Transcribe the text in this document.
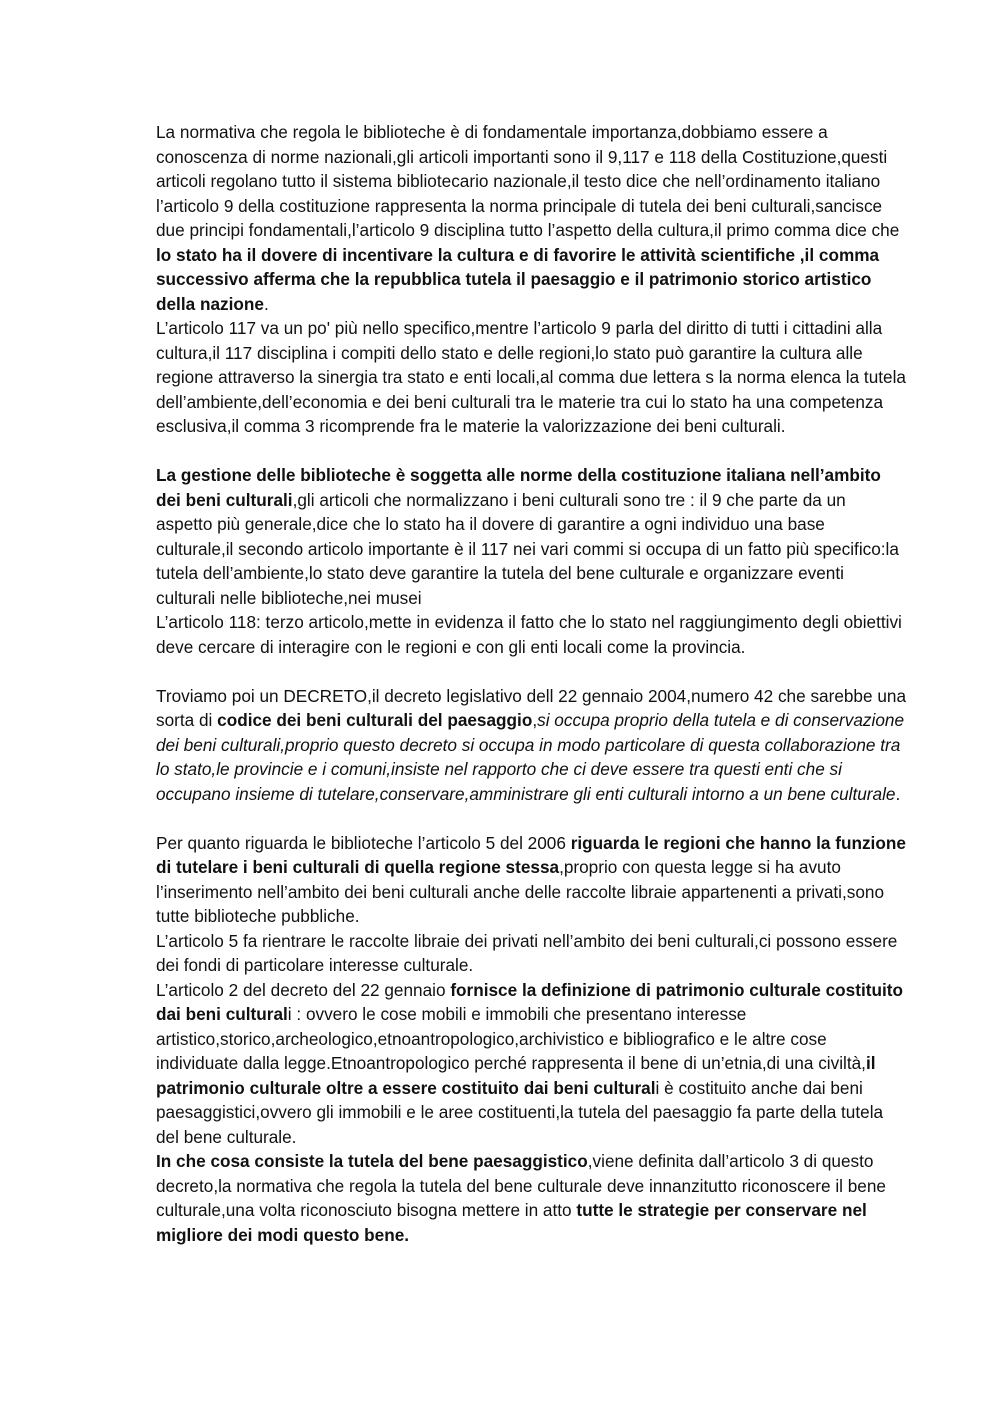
La normativa che regola le biblioteche è di fondamentale importanza,dobbiamo essere a conoscenza di norme nazionali,gli articoli importanti sono il 9,117 e 118 della Costituzione,questi articoli regolano tutto il sistema bibliotecario nazionale,il testo dice che nell’ordinamento italiano l’articolo 9 della costituzione rappresenta la norma principale di tutela dei beni culturali,sancisce due principi fondamentali,l’articolo 9 disciplina tutto l’aspetto della cultura,il primo comma dice che lo stato ha il dovere di incentivare la cultura e di favorire le attività scientifiche ,il comma successivo afferma che la repubblica tutela il paesaggio e il patrimonio storico artistico della nazione.

L’articolo 117 va un po' più nello specifico,mentre l’articolo 9 parla del diritto di tutti i cittadini alla cultura,il 117 disciplina i compiti dello stato e delle regioni,lo stato può garantire la cultura alle regione attraverso la sinergia tra stato e enti locali,al comma due lettera s la norma elenca la tutela dell’ambiente,dell’economia e dei beni culturali tra le materie tra cui lo stato ha una competenza esclusiva,il comma 3 ricomprende fra le materie la valorizzazione dei beni culturali.

La gestione delle biblioteche è soggetta alle norme della costituzione italiana nell’ambito dei beni culturali,gli articoli che normalizzano i beni culturali sono tre : il 9 che parte da un aspetto più generale,dice che lo stato ha il dovere di garantire a ogni individuo una base culturale,il secondo articolo importante è il 117 nei vari commi si occupa di un fatto più specifico:la tutela dell’ambiente,lo stato deve garantire la tutela del bene culturale e organizzare eventi culturali nelle biblioteche,nei musei

L’articolo 118: terzo articolo,mette in evidenza il fatto che lo stato nel raggiungimento degli obiettivi deve cercare di interagire con le regioni e con gli enti locali come la provincia.

Troviamo poi un DECRETO,il decreto legislativo dell 22 gennaio 2004,numero 42 che sarebbe una sorta di codice dei beni culturali del paesaggio,si occupa proprio della tutela e di conservazione dei beni culturali,proprio questo decreto si occupa in modo particolare di questa collaborazione tra lo stato,le provincie e i comuni,insiste nel rapporto che ci deve essere tra questi enti che si occupano insieme di tutelare,conservare,amministrare gli enti culturali intorno a un bene culturale.

Per quanto riguarda le biblioteche l’articolo 5 del 2006 riguarda le regioni che hanno la funzione di tutelare i beni culturali di quella regione stessa,proprio con questa legge si ha avuto l’inserimento nell’ambito dei beni culturali anche delle raccolte libraie appartenenti a privati,sono tutte biblioteche pubbliche.

L’articolo 5 fa rientrare le raccolte libraie dei privati nell’ambito dei beni culturali,ci possono essere dei fondi di particolare interesse culturale.

L’articolo 2 del decreto del 22 gennaio fornisce la definizione di patrimonio culturale costituito dai beni culturali : ovvero le cose mobili e immobili che presentano interesse artistico,storico,archeologico,etnoantropologico,archivistico e bibliografico e le altre cose individuate dalla legge.Etnoantropologico perché rappresenta il bene di un’etnia,di una civiltà,il patrimonio culturale oltre a essere costituito dai beni culturali è costituito anche dai beni paesaggistici,ovvero gli immobili e le aree costituenti,la tutela del paesaggio fa parte della tutela del bene culturale.

In che cosa consiste la tutela del bene paesaggistico,viene definita dall’articolo 3 di questo decreto,la normativa che regola la tutela del bene culturale deve innanzitutto riconoscere il bene culturale,una volta riconosciuto bisogna mettere in atto tutte le strategie per conservare nel migliore dei modi questo bene.
